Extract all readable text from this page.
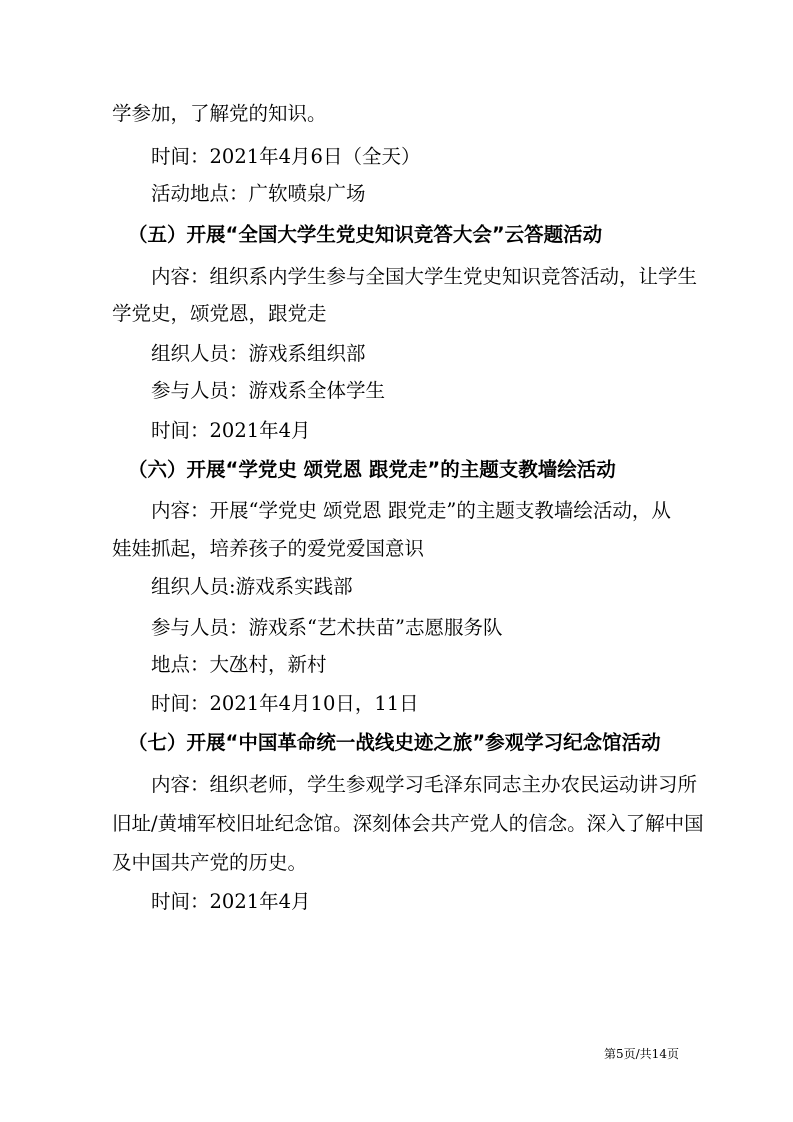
学参加，了解党的知识。
时间：2021年4月6日（全天）
活动地点：广软喷泉广场
（五）开展“全国大学生党史知识竞答大会”云答题活动
内容：组织系内学生参与全国大学生党史知识竞答活动，让学生
学党史，颂党恩，跟党走
组织人员：游戏系组织部
参与人员：游戏系全体学生
时间：2021年4月
（六）开展“学党史 颂党恩 跟党走”的主题支教墙绘活动
内容：开展“学党史 颂党恩 跟党走”的主题支教墙绘活动，从
娃娃抓起，培养孩子的爱党爱国意识
组织人员:游戏系实践部
参与人员：游戏系“艺术扶苗”志愿服务队
地点：大氹村，新村
时间：2021年4月10日，11日
（七）开展“中国革命统一战线史迹之旅”参观学习纪念馆活动
内容：组织老师，学生参观学习毛泽东同志主办农民运动讲习所
旧址/黄埔军校旧址纪念馆。深刻体会共产党人的信念。深入了解中国
及中国共产党的历史。
时间：2021年4月
第5页/共14页
